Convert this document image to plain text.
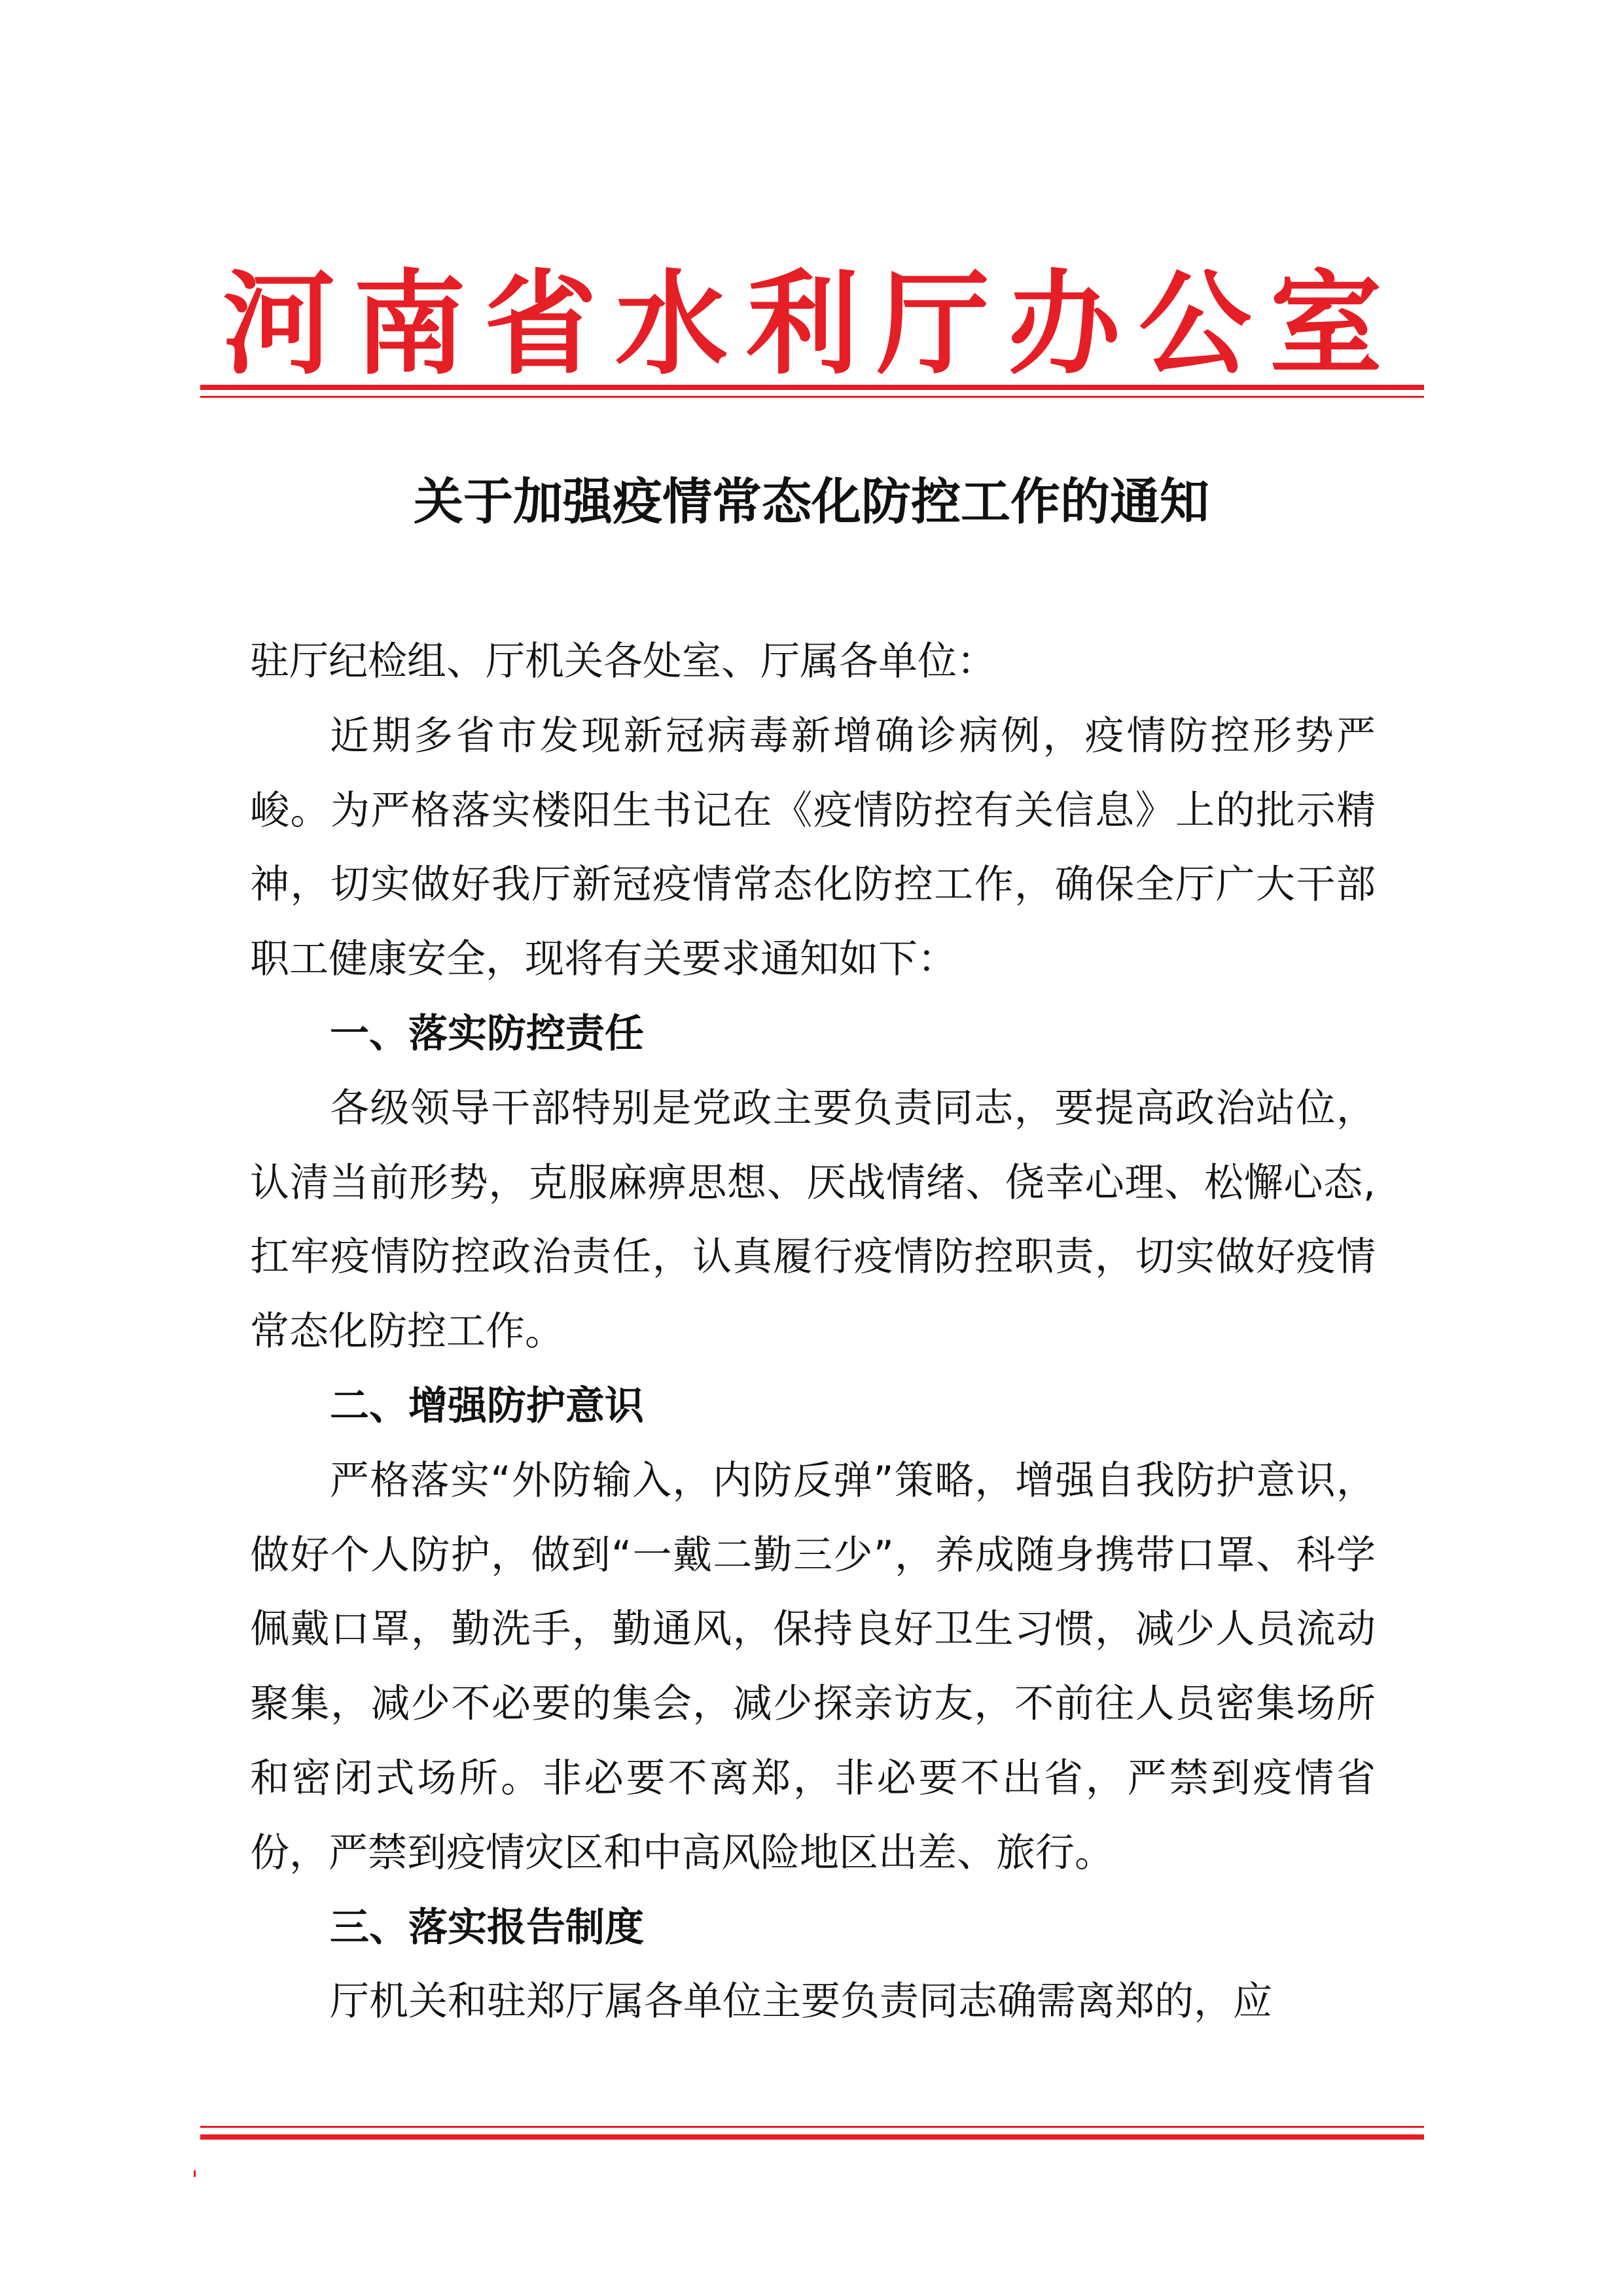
河南省水利厅办公室
关于加强疫情常态化防控工作的通知

驻厅纪检组、厅机关各处室、厅属各单位：

近期多省市发现新冠病毒新增确诊病例，疫情防控形势严峻。为严格落实楼阳生书记在《疫情防控有关信息》上的批示精神，切实做好我厅新冠疫情常态化防控工作，确保全厅广大干部职工健康安全，现将有关要求通知如下：

一、落实防控责任

各级领导干部特别是党政主要负责同志，要提高政治站位，认清当前形势，克服麻痹思想、厌战情绪、侥幸心理、松懈心态,扛牢疫情防控政治责任，认真履行疫情防控职责，切实做好疫情常态化防控工作。

二、增强防护意识

严格落实“外防输入，内防反弹”策略，增强自我防护意识，做好个人防护，做到“一戴二勤三少”，养成随身携带口罩、科学佩戴口罩，勤洗手，勤通风，保持良好卫生习惯，减少人员流动聚集，减少不必要的集会，减少探亲访友，不前往人员密集场所和密闭式场所。非必要不离郑，非必要不出省，严禁到疫情省份，严禁到疫情灾区和中高风险地区出差、旅行。

三、落实报告制度

厅机关和驻郑厅属各单位主要负责同志确需离郑的，应
